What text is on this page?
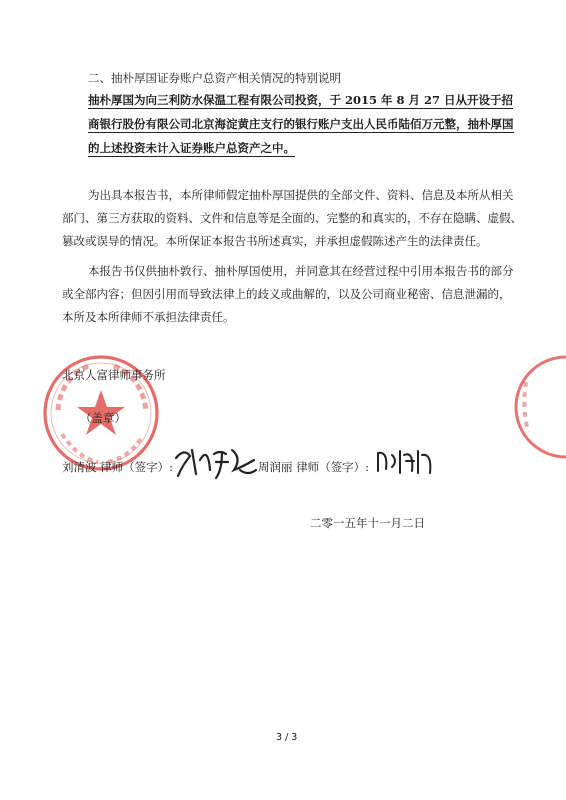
二、抽朴厚国证券账户总资产相关情况的特别说明
抽朴厚国为向三利防水保温工程有限公司投资，于 2015 年 8 月 27 日从开设于招
商银行股份有限公司北京海淀黄庄支行的银行账户支出人民币陆佰万元整，抽朴厚国
的上述投资未计入证券账户总资产之中。
为出具本报告书，本所律师假定抽朴厚国提供的全部文件、资料、信息及本所从相关
部门、第三方获取的资料、文件和信息等是全面的、完整的和真实的，不存在隐瞒、虚假、
篡改或误导的情况。本所保证本报告书所述真实，并承担虚假陈述产生的法律责任。
本报告书仅供抽朴敦行、抽朴厚国使用，并同意其在经营过程中引用本报告书的部分
或全部内容；但因引用而导致法律上的歧义或曲解的，以及公司商业秘密、信息泄漏的，
本所及本所律师不承担法律责任。
北京人富律师事务所
（盖章）
刘清波 律师（签字）:	周润丽 律师（签字）:
二零一五年十一月二日
3 / 3
